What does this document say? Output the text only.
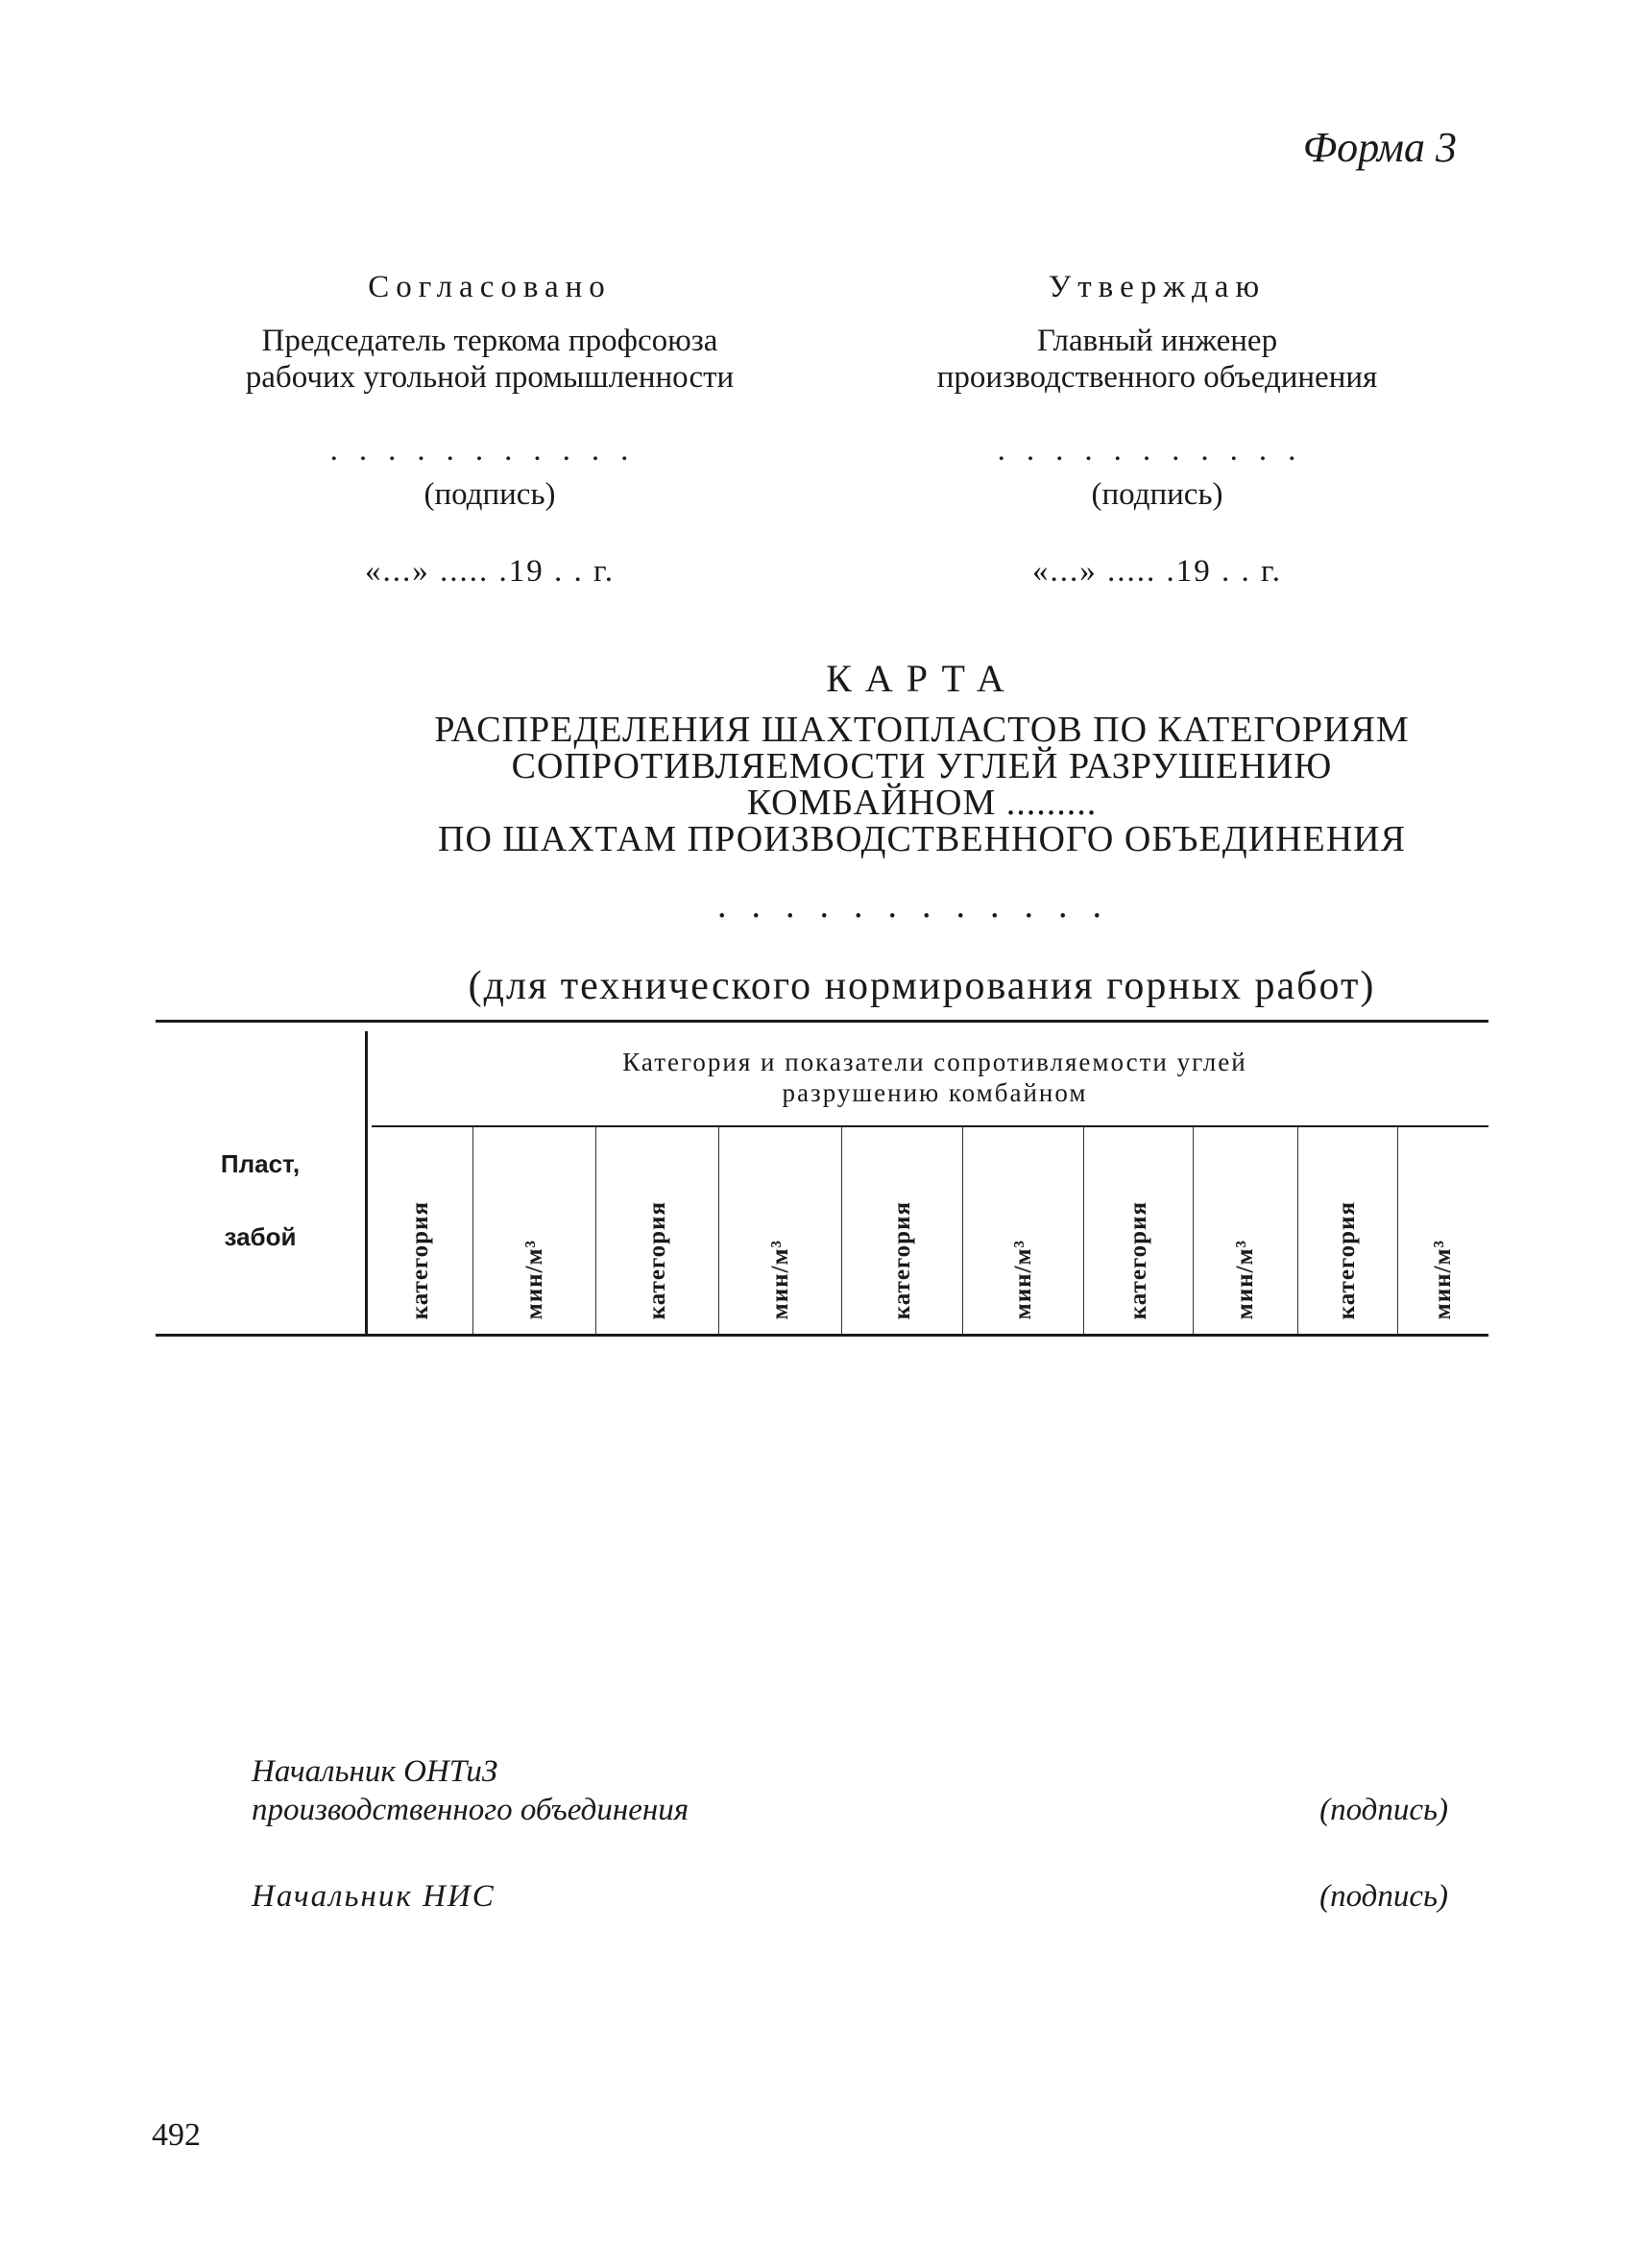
Форма 3
Согласовано
Председатель теркома профсоюза
рабочих угольной промышленности
...........
(подпись)
«...» ..... .19 . . г.
Утверждаю
Главный инженер
производственного объединения
...........
(подпись)
«...» ..... .19 . . г.
КАРТА
РАСПРЕДЕЛЕНИЯ ШАХТОПЛАСТОВ ПО КАТЕГОРИЯМ
СОПРОТИВЛЯЕМОСТИ УГЛЕЙ РАЗРУШЕНИЮ
КОМБАЙНОМ .........
ПО ШАХТАМ ПРОИЗВОДСТВЕННОГО ОБЪЕДИНЕНИЯ
............
(для технического нормирования горных работ)
Категория и показатели сопротивляемости углей
разрушению комбайном
Пласт,
забой	категория	мин/м³	категория	мин/м³	категория	мин/м³	категория	мин/м³	категория	мин/м³
Начальник ОНТиЗ
производственного объединения	(подпись)
Начальник НИС	(подпись)
492
